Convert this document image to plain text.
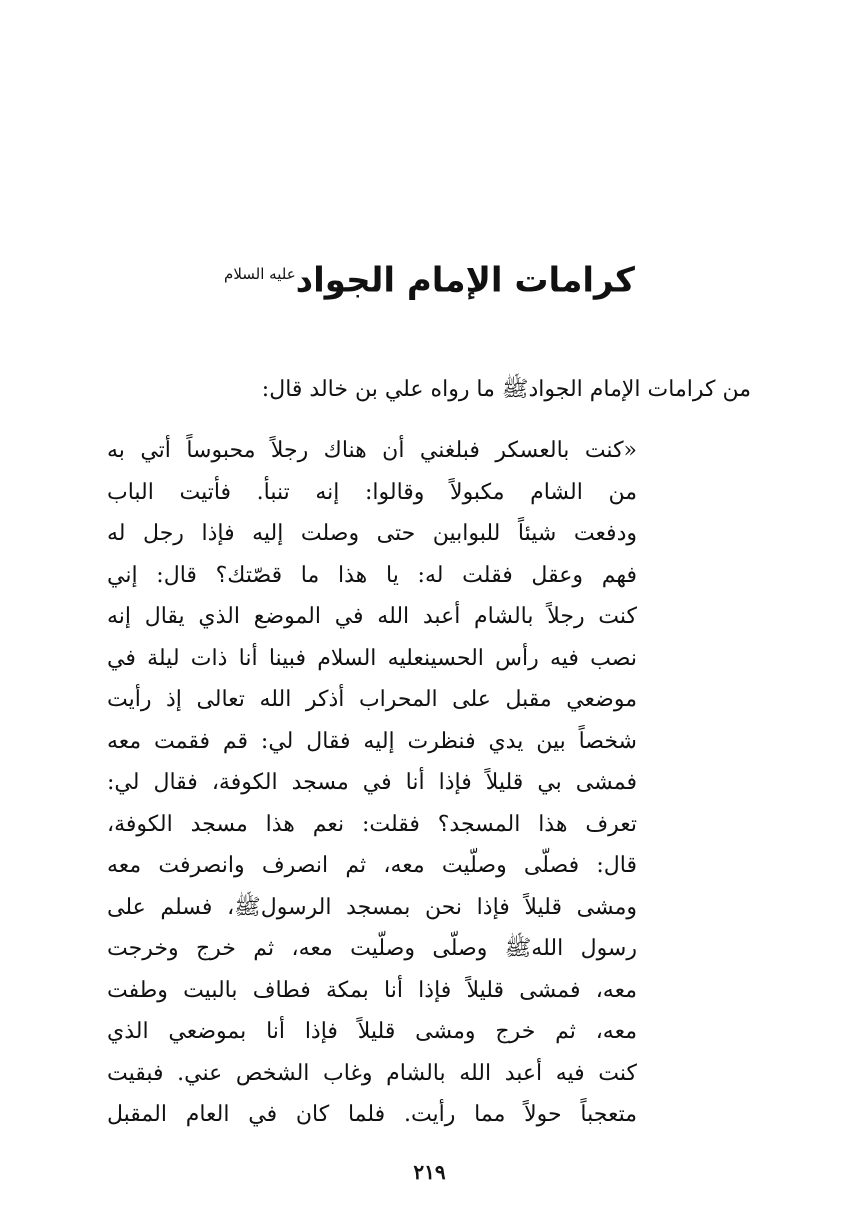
كرامات الإمام الجواد$^{عليه السلام}$

من كرامات الإمام الجوادﷺ ما رواه علي بن خالد قال:

«كنت بالعسكر فبلغني أن هناك رجلاً محبوساً أتي به
من الشام مكبولاً وقالوا: إنه تنبأ. فأتيت الباب
ودفعت شيئاً للبوابين حتى وصلت إليه فإذا رجل له
فهم وعقل فقلت له: يا هذا ما قصّتك؟ قال: إني
كنت رجلاً بالشام أعبد الله في الموضع الذي يقال إنه
نصب فيه رأس الحسينعليه السلام فبينا أنا ذات ليلة في
موضعي مقبل على المحراب أذكر الله تعالى إذ رأيت
شخصاً بين يدي فنظرت إليه فقال لي: قم فقمت معه
فمشى بي قليلاً فإذا أنا في مسجد الكوفة، فقال لي:
تعرف هذا المسجد؟ فقلت: نعم هذا مسجد الكوفة،
قال: فصلّى وصلّيت معه، ثم انصرف وانصرفت معه
ومشى قليلاً فإذا نحن بمسجد الرسولﷺ، فسلم على
رسول اللهﷺ وصلّى وصلّيت معه، ثم خرج وخرجت
معه، فمشى قليلاً فإذا أنا بمكة فطاف بالبيت وطفت
معه، ثم خرج ومشى قليلاً فإذا أنا بموضعي الذي
كنت فيه أعبد الله بالشام وغاب الشخص عني. فبقيت
متعجباً حولاً مما رأيت. فلما كان في العام المقبل
٢١٩
